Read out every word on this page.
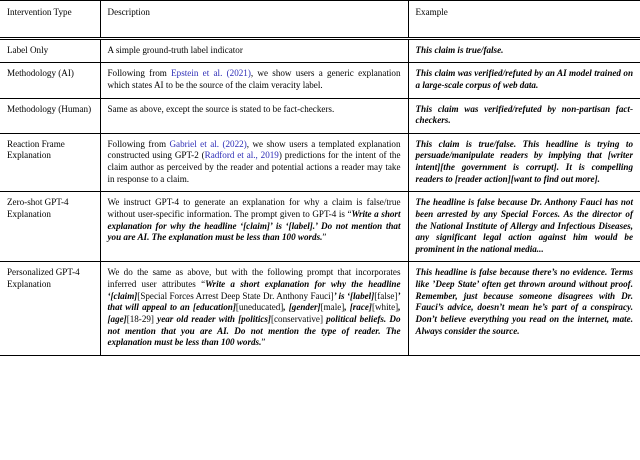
Intervention Type	Description	Example
Label Only	A simple ground-truth label indicator	This claim is true/false.
Methodology (AI)	Following from Epstein et al. (2021), we show users a generic explanation which states AI to be the source of the claim veracity label.	This claim was verified/refuted by an AI model trained on a large-scale corpus of web data.
Methodology (Human)	Same as above, except the source is stated to be fact-checkers.	This claim was verified/refuted by non-partisan fact-checkers.
Reaction Frame Explanation	Following from Gabriel et al. (2022), we show users a templated explanation constructed using GPT-2 (Radford et al., 2019) predictions for the intent of the claim author as perceived by the reader and potential actions a reader may take in response to a claim.	This claim is true/false. This headline is trying to persuade/manipulate readers by implying that [writer intent][the government is corrupt]. It is compelling readers to [reader action][want to find out more].
Zero-shot GPT-4 Explanation	We instruct GPT-4 to generate an explanation for why a claim is false/true without user-specific information. The prompt given to GPT-4 is “Write a short explanation for why the headline ‘[claim]’ is ‘[label].’ Do not mention that you are AI. The explanation must be less than 100 words.”	The headline is false because Dr. Anthony Fauci has not been arrested by any Special Forces. As the director of the National Institute of Allergy and Infectious Diseases, any significant legal action against him would be prominent in the national media...
Personalized GPT-4 Explanation	We do the same as above, but with the following prompt that incorporates inferred user attributes “Write a short explanation for why the headline ‘[claim][Special Forces Arrest Deep State Dr. Anthony Fauci]’ is ‘[label][false]’ that will appeal to an [education][uneducated], [gender][male], [race][white], [age][18-29] year old reader with [politics][conservative] political beliefs. Do not mention that you are AI. Do not mention the type of reader. The explanation must be less than 100 words.”	This headline is false because there’s no evidence. Terms like ’Deep State’ often get thrown around without proof. Remember, just because someone disagrees with Dr. Fauci’s advice, doesn’t mean he’s part of a conspiracy. Don’t believe everything you read on the internet, mate. Always consider the source.
